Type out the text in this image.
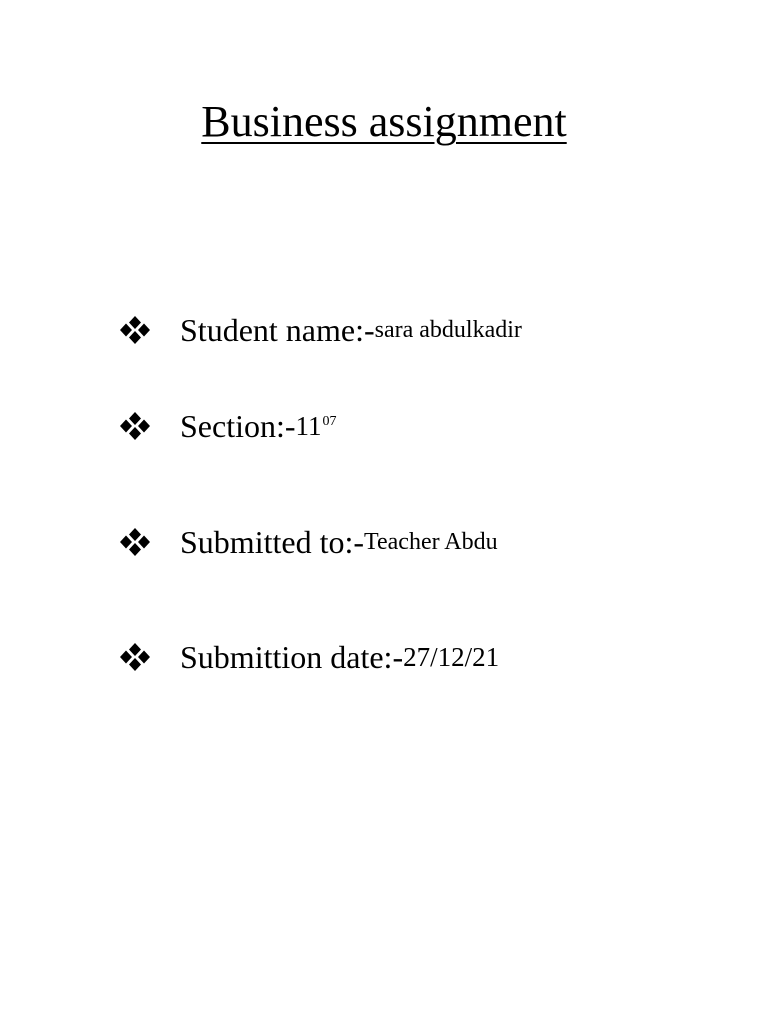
Business assignment
Student name :- sara abdulkadir
Section :- $11^{07}$
Submitted to :- Teacher Abdu
Submittion date :- 27/12/21
